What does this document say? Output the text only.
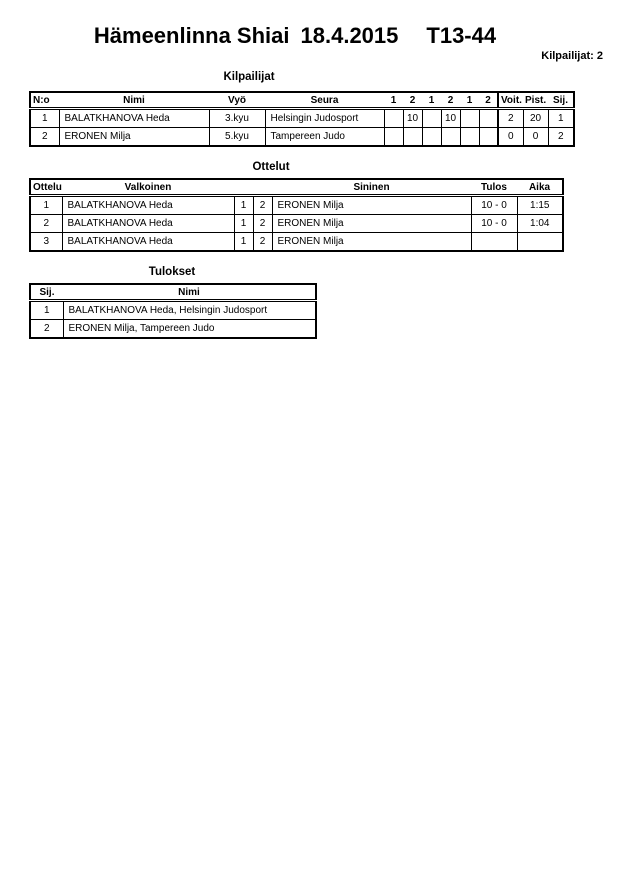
Hämeenlinna Shiai 18.4.2015 T13-44
Kilpailijat: 2
Kilpailijat
N:o	Nimi	Vyö	Seura	1	2	1	2	1	2	Voit.	Pist.	Sij.
1	BALATKHANOVA Heda	3.kyu	Helsingin Judosport		10		10			2	20	1
2	ERONEN Milja	5.kyu	Tampereen Judo							0	0	2
Ottelut
Ottelu	Valkoinen			Sininen	Tulos	Aika
1	BALATKHANOVA Heda	1	2	ERONEN Milja	10 - 0	1:15
2	BALATKHANOVA Heda	1	2	ERONEN Milja	10 - 0	1:04
3	BALATKHANOVA Heda	1	2	ERONEN Milja		
Tulokset
Sij.	Nimi
1	BALATKHANOVA Heda, Helsingin Judosport
2	ERONEN Milja, Tampereen Judo
